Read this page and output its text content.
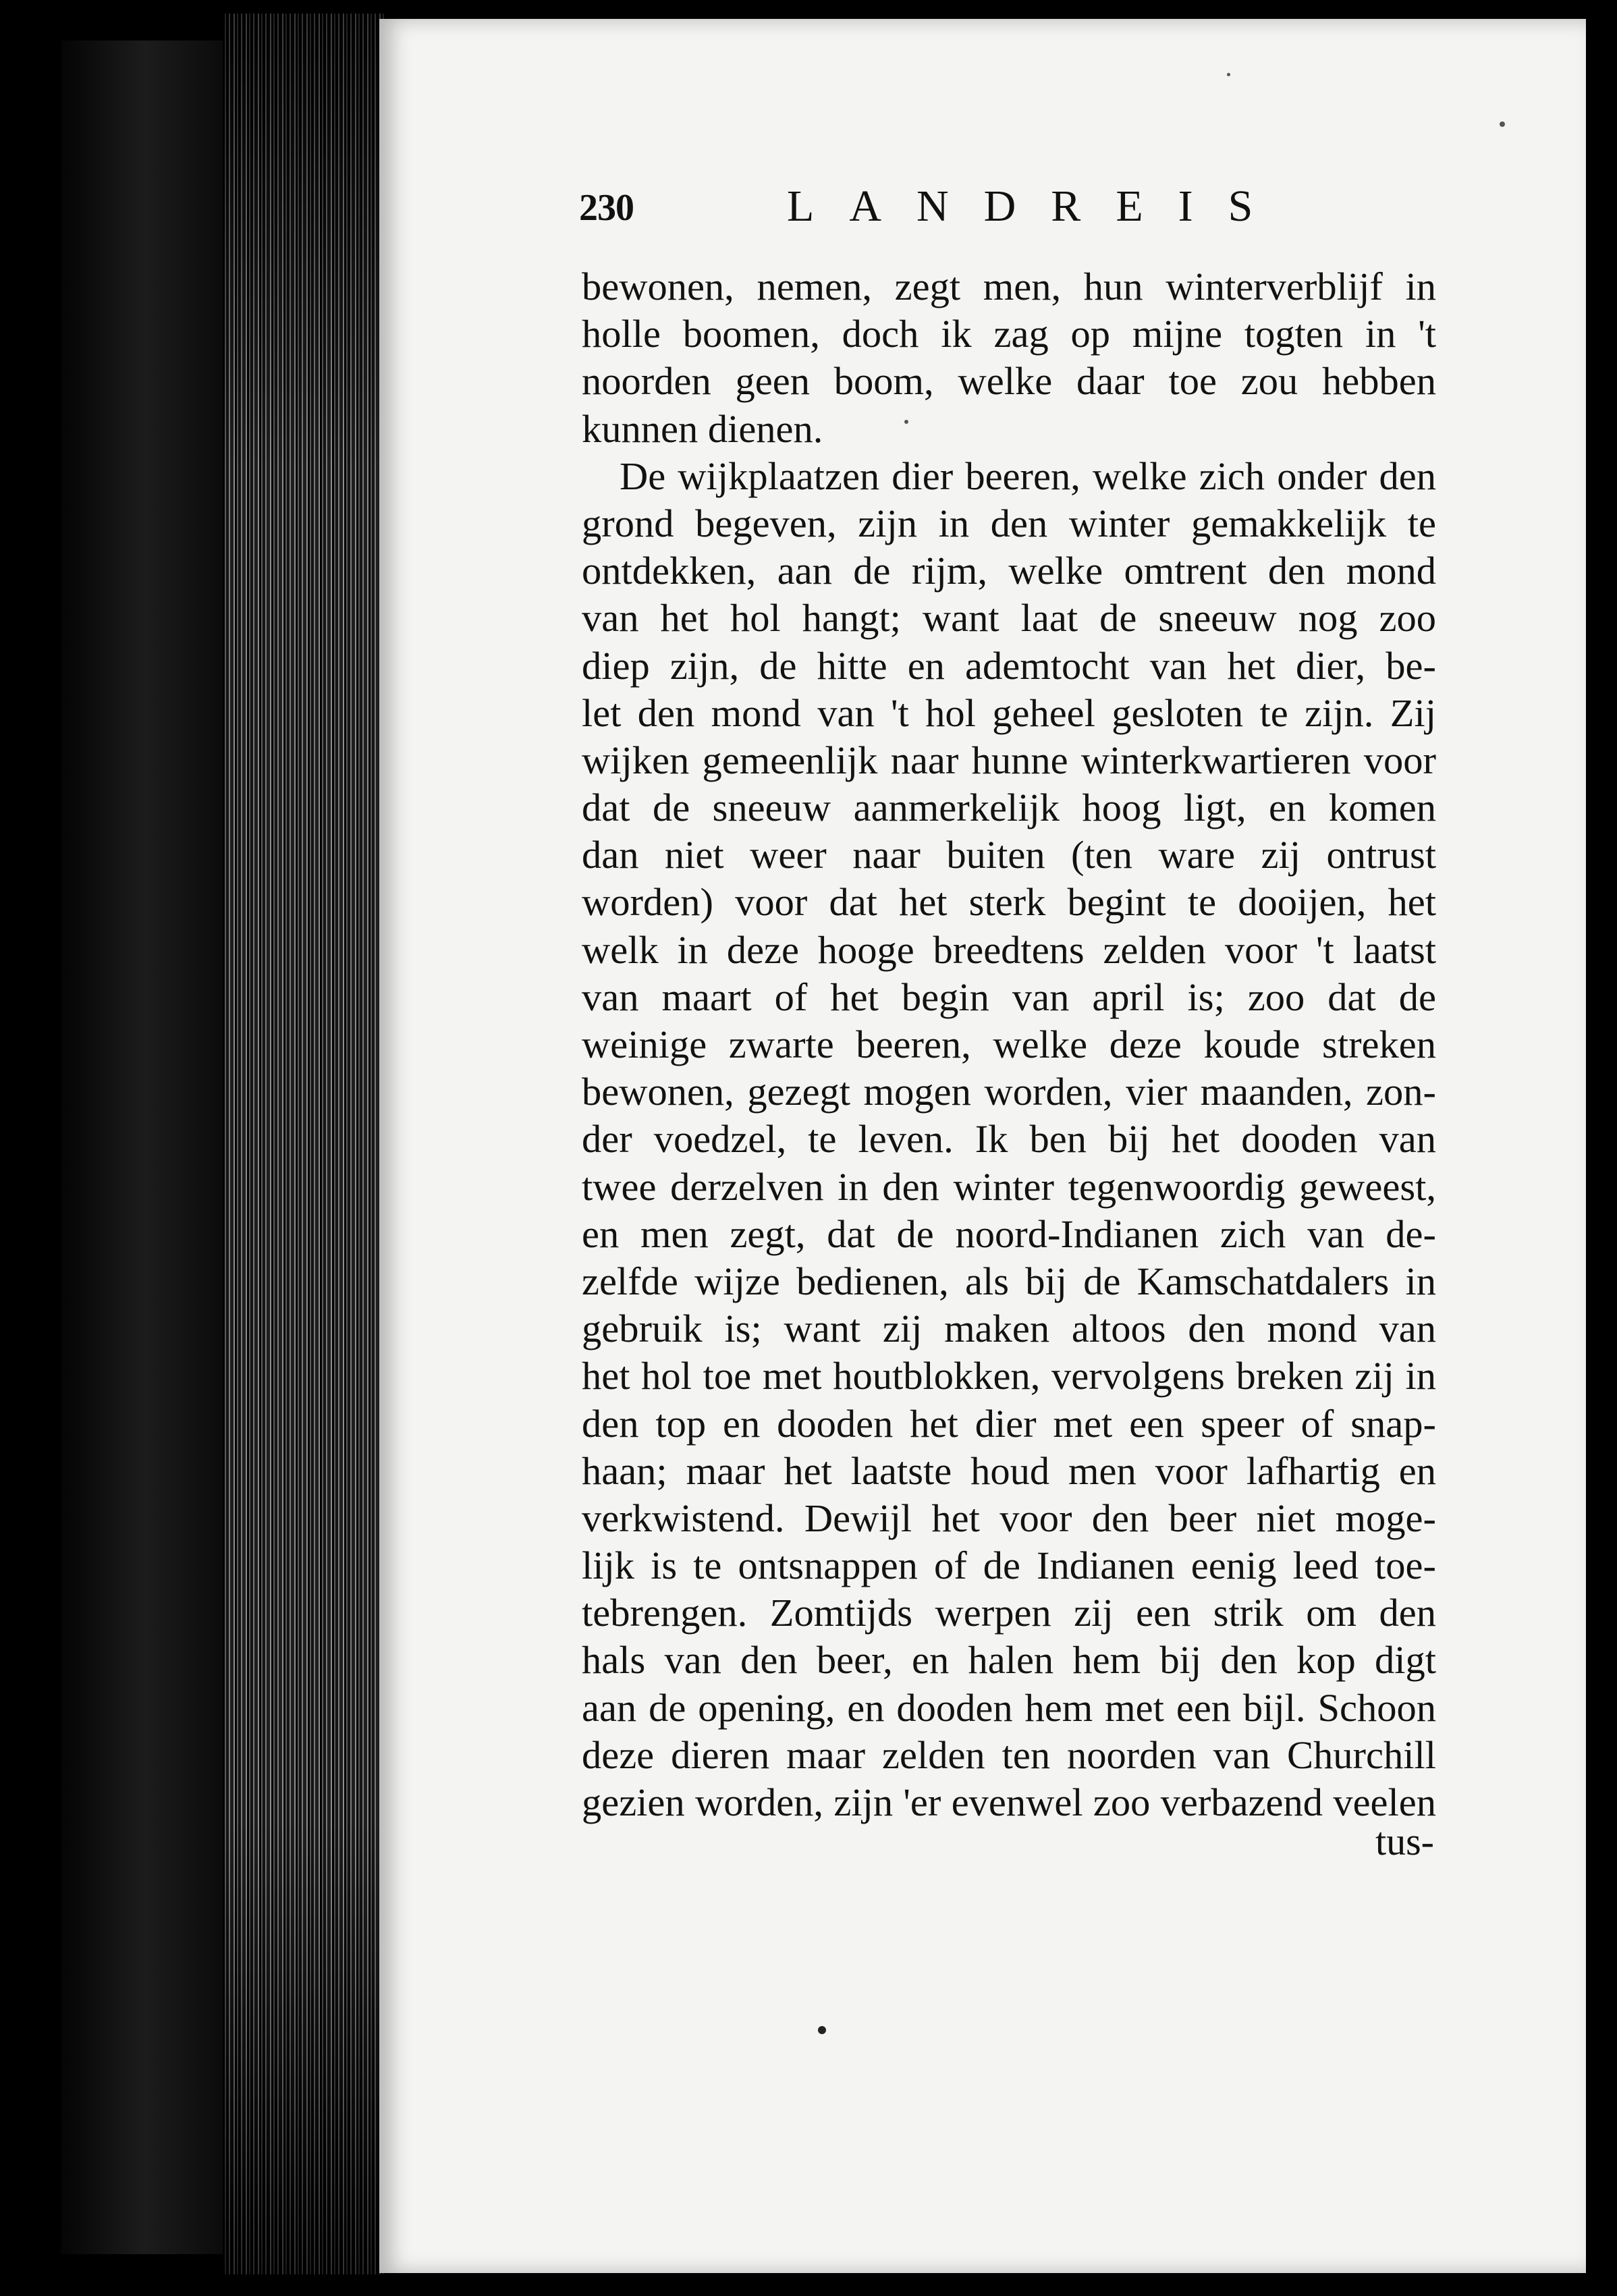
230	LANDREIS
bewonen, nemen, zegt men, hun winterverblijf in
holle boomen, doch ik zag op mijne togten in 't
noorden geen boom, welke daar toe zou hebben
kunnen dienen.
De wijkplaatzen dier beeren, welke zich onder den
grond begeven, zijn in den winter gemakkelijk te
ontdekken, aan de rijm, welke omtrent den mond
van het hol hangt; want laat de sneeuw nog zoo
diep zijn, de hitte en ademtocht van het dier, be-
let den mond van 't hol geheel gesloten te zijn. Zij
wijken gemeenlijk naar hunne winterkwartieren voor
dat de sneeuw aanmerkelijk hoog ligt, en komen
dan niet weer naar buiten (ten ware zij ontrust
worden) voor dat het sterk begint te dooijen, het
welk in deze hooge breedtens zelden voor 't laatst
van maart of het begin van april is; zoo dat de
weinige zwarte beeren, welke deze koude streken
bewonen, gezegt mogen worden, vier maanden, zon-
der voedzel, te leven. Ik ben bij het dooden van
twee derzelven in den winter tegenwoordig geweest,
en men zegt, dat de noord-Indianen zich van de-
zelfde wijze bedienen, als bij de Kamschatdalers in
gebruik is; want zij maken altoos den mond van
het hol toe met houtblokken, vervolgens breken zij in
den top en dooden het dier met een speer of snap-
haan; maar het laatste houd men voor lafhartig en
verkwistend. Dewijl het voor den beer niet moge-
lijk is te ontsnappen of de Indianen eenig leed toe-
tebrengen. Zomtijds werpen zij een strik om den
hals van den beer, en halen hem bij den kop digt
aan de opening, en dooden hem met een bijl. Schoon
deze dieren maar zelden ten noorden van Churchill
gezien worden, zijn 'er evenwel zoo verbazend veelen
tus-
